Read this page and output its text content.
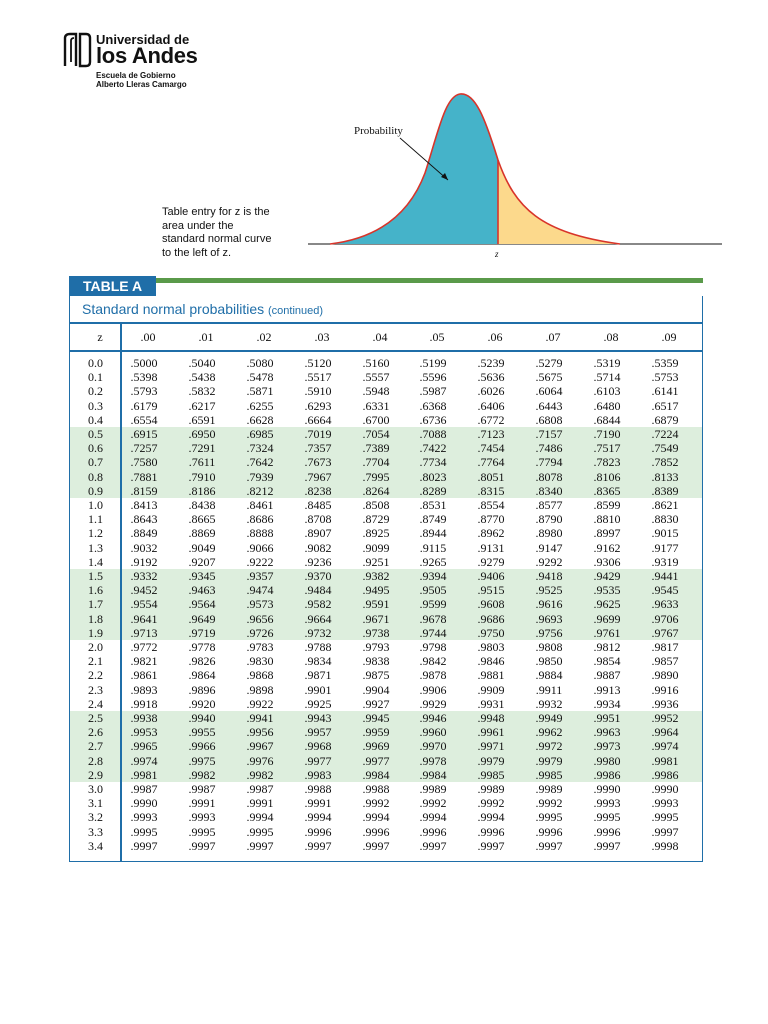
Universidad de
los Andes
Escuela de Gobierno
Alberto Lleras Camargo
Probability
z

Table entry for z is the

area under the

standard normal curve

to the left of z.

TABLE A
Standard normal probabilities (continued)
z	.00	.01	.02	.03	.04	.05	.06	.07	.08	.09
0.0	.5000	.5040	.5080	.5120	.5160	.5199	.5239	.5279	.5319	.5359
0.1	.5398	.5438	.5478	.5517	.5557	.5596	.5636	.5675	.5714	.5753
0.2	.5793	.5832	.5871	.5910	.5948	.5987	.6026	.6064	.6103	.6141
0.3	.6179	.6217	.6255	.6293	.6331	.6368	.6406	.6443	.6480	.6517
0.4	.6554	.6591	.6628	.6664	.6700	.6736	.6772	.6808	.6844	.6879
0.5	.6915	.6950	.6985	.7019	.7054	.7088	.7123	.7157	.7190	.7224
0.6	.7257	.7291	.7324	.7357	.7389	.7422	.7454	.7486	.7517	.7549
0.7	.7580	.7611	.7642	.7673	.7704	.7734	.7764	.7794	.7823	.7852
0.8	.7881	.7910	.7939	.7967	.7995	.8023	.8051	.8078	.8106	.8133
0.9	.8159	.8186	.8212	.8238	.8264	.8289	.8315	.8340	.8365	.8389
1.0	.8413	.8438	.8461	.8485	.8508	.8531	.8554	.8577	.8599	.8621
1.1	.8643	.8665	.8686	.8708	.8729	.8749	.8770	.8790	.8810	.8830
1.2	.8849	.8869	.8888	.8907	.8925	.8944	.8962	.8980	.8997	.9015
1.3	.9032	.9049	.9066	.9082	.9099	.9115	.9131	.9147	.9162	.9177
1.4	.9192	.9207	.9222	.9236	.9251	.9265	.9279	.9292	.9306	.9319
1.5	.9332	.9345	.9357	.9370	.9382	.9394	.9406	.9418	.9429	.9441
1.6	.9452	.9463	.9474	.9484	.9495	.9505	.9515	.9525	.9535	.9545
1.7	.9554	.9564	.9573	.9582	.9591	.9599	.9608	.9616	.9625	.9633
1.8	.9641	.9649	.9656	.9664	.9671	.9678	.9686	.9693	.9699	.9706
1.9	.9713	.9719	.9726	.9732	.9738	.9744	.9750	.9756	.9761	.9767
2.0	.9772	.9778	.9783	.9788	.9793	.9798	.9803	.9808	.9812	.9817
2.1	.9821	.9826	.9830	.9834	.9838	.9842	.9846	.9850	.9854	.9857
2.2	.9861	.9864	.9868	.9871	.9875	.9878	.9881	.9884	.9887	.9890
2.3	.9893	.9896	.9898	.9901	.9904	.9906	.9909	.9911	.9913	.9916
2.4	.9918	.9920	.9922	.9925	.9927	.9929	.9931	.9932	.9934	.9936
2.5	.9938	.9940	.9941	.9943	.9945	.9946	.9948	.9949	.9951	.9952
2.6	.9953	.9955	.9956	.9957	.9959	.9960	.9961	.9962	.9963	.9964
2.7	.9965	.9966	.9967	.9968	.9969	.9970	.9971	.9972	.9973	.9974
2.8	.9974	.9975	.9976	.9977	.9977	.9978	.9979	.9979	.9980	.9981
2.9	.9981	.9982	.9982	.9983	.9984	.9984	.9985	.9985	.9986	.9986
3.0	.9987	.9987	.9987	.9988	.9988	.9989	.9989	.9989	.9990	.9990
3.1	.9990	.9991	.9991	.9991	.9992	.9992	.9992	.9992	.9993	.9993
3.2	.9993	.9993	.9994	.9994	.9994	.9994	.9994	.9995	.9995	.9995
3.3	.9995	.9995	.9995	.9996	.9996	.9996	.9996	.9996	.9996	.9997
3.4	.9997	.9997	.9997	.9997	.9997	.9997	.9997	.9997	.9997	.9998
